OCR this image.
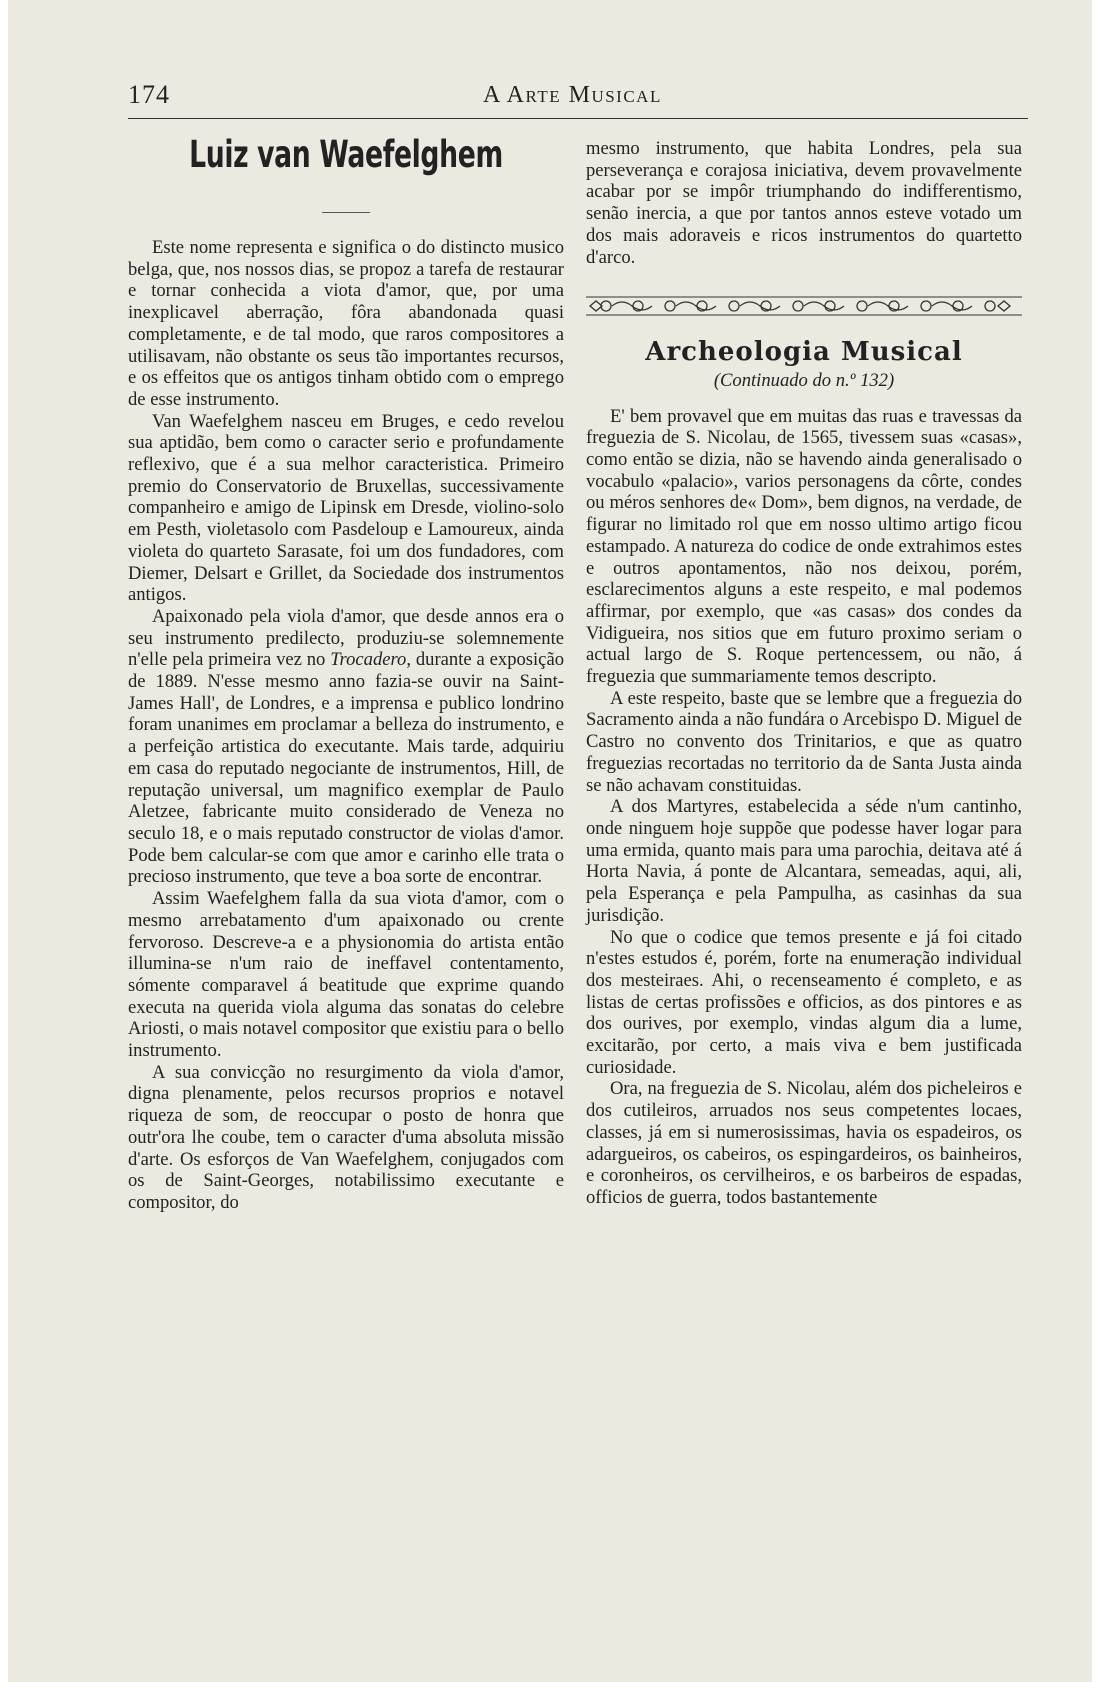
174	A Arte Musical
Luiz van Waefelghem

Este nome representa e significa o do distincto musico belga, que, nos nossos dias, se propoz a tarefa de restaurar e tornar conhecida a viota d'amor, que, por uma inexplicavel aberração, fôra abandonada quasi completamente, e de tal modo, que raros compositores a utilisavam, não obstante os seus tão importantes recursos, e os effeitos que os antigos tinham obtido com o emprego de esse instrumento.

Van Waefelghem nasceu em Bruges, e cedo revelou sua aptidão, bem como o caracter serio e profundamente reflexivo, que é a sua melhor caracteristica. Primeiro premio do Conservatorio de Bruxellas, successivamente companheiro e amigo de Lipinsk em Dresde, violino-solo em Pesth, violetasolo com Pasdeloup e Lamoureux, ainda violeta do quarteto Sarasate, foi um dos fundadores, com Diemer, Delsart e Grillet, da Sociedade dos instrumentos antigos.

Apaixonado pela viola d'amor, que desde annos era o seu instrumento predilecto, produziu-se solemnemente n'elle pela primeira vez no Trocadero, durante a exposição de 1889. N'esse mesmo anno fazia-se ouvir na Saint-James Hall', de Londres, e a imprensa e publico londrino foram unanimes em proclamar a belleza do instrumento, e a perfeição artistica do executante. Mais tarde, adquiriu em casa do reputado negociante de instrumentos, Hill, de reputação universal, um magnifico exemplar de Paulo Aletzee, fabricante muito considerado de Veneza no seculo 18, e o mais reputado constructor de violas d'amor. Pode bem calcular-se com que amor e carinho elle trata o precioso instrumento, que teve a boa sorte de encontrar.

Assim Waefelghem falla da sua viota d'amor, com o mesmo arrebatamento d'um apaixonado ou crente fervoroso. Descreve-a e a physionomia do artista então illumina-se n'um raio de ineffavel contentamento, sómente comparavel á beatitude que exprime quando executa na querida viola alguma das sonatas do celebre Ariosti, o mais notavel compositor que existiu para o bello instrumento.

A sua convicção no resurgimento da viola d'amor, digna plenamente, pelos recursos proprios e notavel riqueza de som, de reoccupar o posto de honra que outr'ora lhe coube, tem o caracter d'uma absoluta missão d'arte. Os esforços de Van Waefelghem, conjugados com os de Saint-Georges, notabilissimo executante e compositor, do

mesmo instrumento, que habita Londres, pela sua perseverança e corajosa iniciativa, devem provavelmente acabar por se impôr triumphando do indifferentismo, senão inercia, a que por tantos annos esteve votado um dos mais adoraveis e ricos instrumentos do quartetto d'arco.

Archeologia Musical
(Continuado do n.º 132)

E' bem provavel que em muitas das ruas e travessas da freguezia de S. Nicolau, de 1565, tivessem suas «casas», como então se dizia, não se havendo ainda generalisado o vocabulo «palacio», varios personagens da côrte, condes ou méros senhores de« Dom», bem dignos, na verdade, de figurar no limitado rol que em nosso ultimo artigo ficou estampado. A natureza do codice de onde extrahimos estes e outros apontamentos, não nos deixou, porém, esclarecimentos alguns a este respeito, e mal podemos affirmar, por exemplo, que «as casas» dos condes da Vidigueira, nos sitios que em futuro proximo seriam o actual largo de S. Roque pertencessem, ou não, á freguezia que summariamente temos descripto.

A este respeito, baste que se lembre que a freguezia do Sacramento ainda a não fundára o Arcebispo D. Miguel de Castro no convento dos Trinitarios, e que as quatro freguezias recortadas no territorio da de Santa Justa ainda se não achavam constituidas.

A dos Martyres, estabelecida a séde n'um cantinho, onde ninguem hoje suppõe que podesse haver logar para uma ermida, quanto mais para uma parochia, deitava até á Horta Navia, á ponte de Alcantara, semeadas, aqui, ali, pela Esperança e pela Pampulha, as casinhas da sua jurisdição.

No que o codice que temos presente e já foi citado n'estes estudos é, porém, forte na enumeração individual dos mesteiraes. Ahi, o recenseamento é completo, e as listas de certas profissões e officios, as dos pintores e as dos ourives, por exemplo, vindas algum dia a lume, excitarão, por certo, a mais viva e bem justificada curiosidade.

Ora, na freguezia de S. Nicolau, além dos picheleiros e dos cutileiros, arruados nos seus competentes locaes, classes, já em si numerosissimas, havia os espadeiros, os adargueiros, os cabeiros, os espingardeiros, os bainheiros, e coronheiros, os cervilheiros, e os barbeiros de espadas, officios de guerra, todos bastantemente
